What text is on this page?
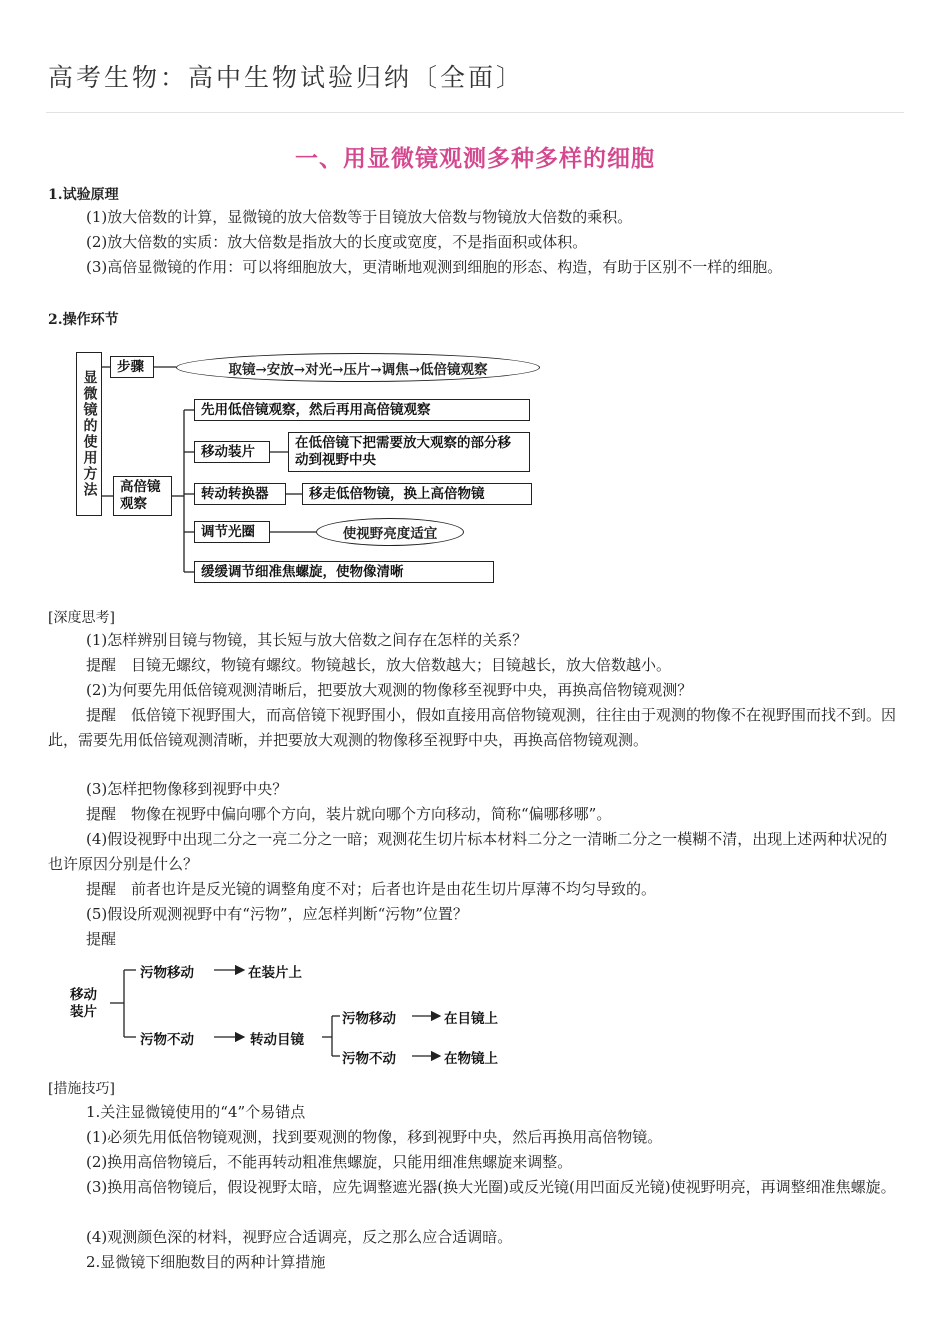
高考生物：高中生物试验归纳〔全面〕
一、用显微镜观测多种多样的细胞
1.试验原理
(1)放大倍数的计算，显微镜的放大倍数等于目镜放大倍数与物镜放大倍数的乘积。
(2)放大倍数的实质：放大倍数是指放大的长度或宽度，不是指面积或体积。
(3)高倍显微镜的作用：可以将细胞放大，更清晰地观测到细胞的形态、构造，有助于区别不一样的细胞。
2.操作环节
显微镜的使用方法
步骤	取镜→安放→对光→压片→调焦→低倍镜观察
高倍镜观察
先用低倍镜观察，然后再用高倍镜观察
移动装片
在低倍镜下把需要放大观察的部分移动到视野中央
转动转换器	移走低倍物镜，换上高倍物镜
调节光圈	使视野亮度适宜
缓缓调节细准焦螺旋，使物像清晰
[深度思考]
(1)怎样辨别目镜与物镜，其长短与放大倍数之间存在怎样的关系？
提醒　目镜无螺纹，物镜有螺纹。物镜越长，放大倍数越大；目镜越长，放大倍数越小。
(2)为何要先用低倍镜观测清晰后，把要放大观测的物像移至视野中央，再换高倍物镜观测？
提醒　低倍镜下视野围大，而高倍镜下视野围小，假如直接用高倍物镜观测，往往由于观测的物像不在视野围而找不到。因此，需要先用低倍镜观测清晰，并把要放大观测的物像移至视野中央，再换高倍物镜观测。
(3)怎样把物像移到视野中央？
提醒　物像在视野中偏向哪个方向，装片就向哪个方向移动，简称“偏哪移哪”。
(4)假设视野中出现二分之一亮二分之一暗；观测花生切片标本材料二分之一清晰二分之一模糊不清，出现上述两种状况的也许原因分别是什么？
提醒　前者也许是反光镜的调整角度不对；后者也许是由花生切片厚薄不均匀导致的。
(5)假设所观测视野中有“污物”，应怎样判断“污物”位置？
提醒
移动装片
污物移动	在装片上
污物不动	转动目镜
污物移动	在目镜上
污物不动	在物镜上
[措施技巧]
1.关注显微镜使用的“4”个易错点
(1)必须先用低倍物镜观测，找到要观测的物像，移到视野中央，然后再换用高倍物镜。
(2)换用高倍物镜后，不能再转动粗准焦螺旋，只能用细准焦螺旋来调整。
(3)换用高倍物镜后，假设视野太暗，应先调整遮光器(换大光圈)或反光镜(用凹面反光镜)使视野明亮，再调整细准焦螺旋。
(4)观测颜色深的材料，视野应合适调亮，反之那么应合适调暗。
2.显微镜下细胞数目的两种计算措施
